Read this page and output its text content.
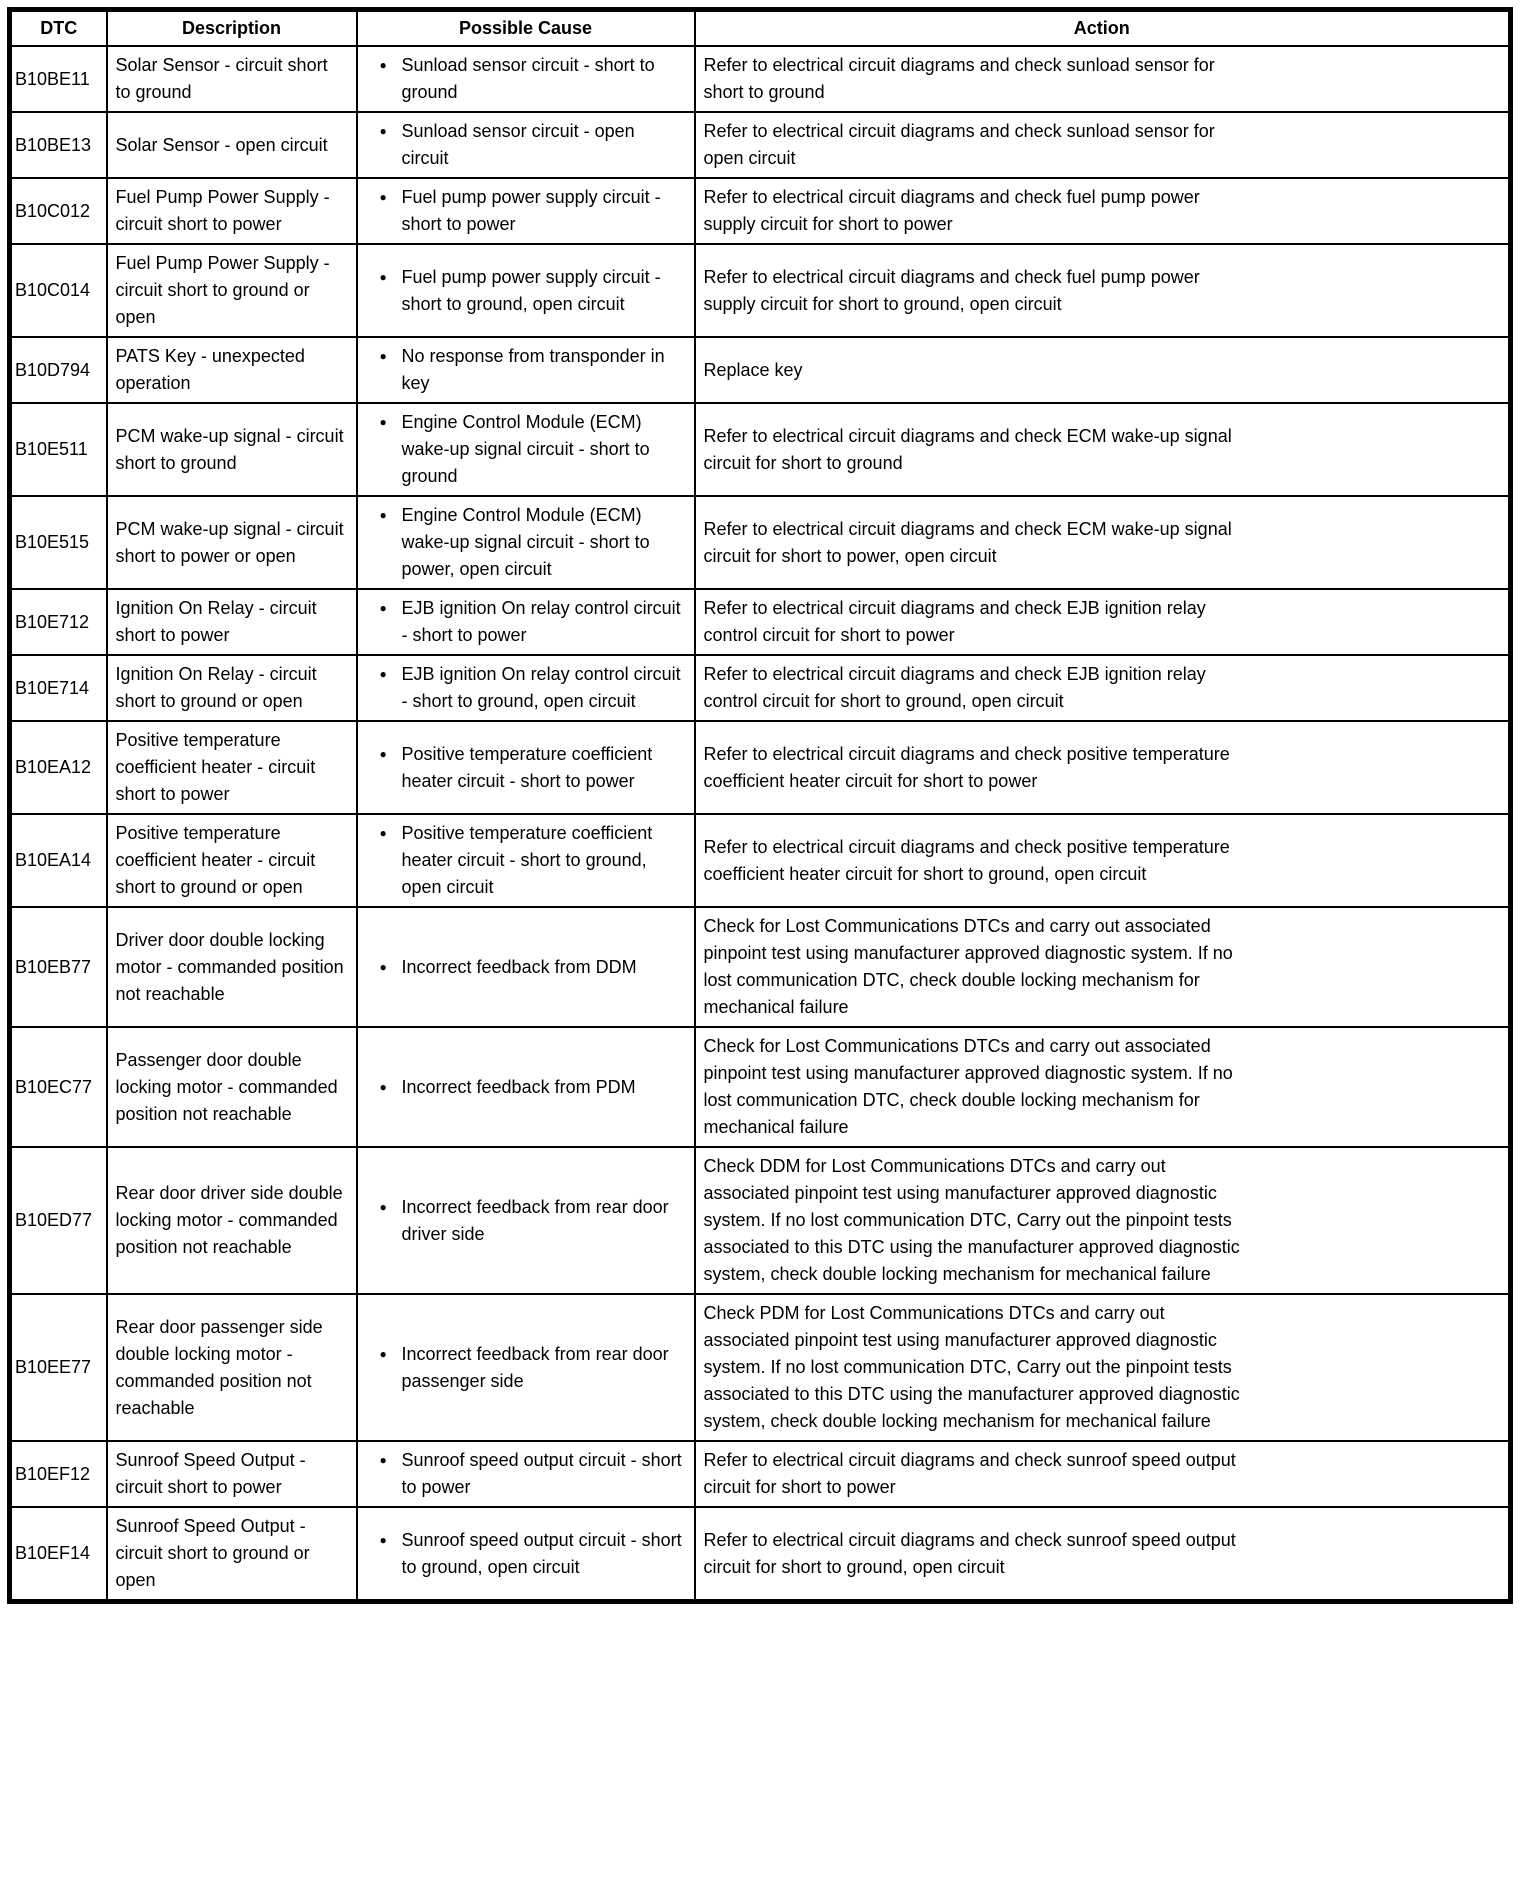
DTC	Description	Possible Cause	Action
B10BE11	Solar Sensor - circuit short to ground	● Sunload sensor circuit - short to ground	Refer to electrical circuit diagrams and check sunload sensor for short to ground

B10BE13	Solar Sensor - open circuit	● Sunload sensor circuit - open circuit	Refer to electrical circuit diagrams and check sunload sensor for open circuit

B10C012	Fuel Pump Power Supply - circuit short to power	● Fuel pump power supply circuit - short to power	Refer to electrical circuit diagrams and check fuel pump power supply circuit for short to power

B10C014	Fuel Pump Power Supply - circuit short to ground or open	● Fuel pump power supply circuit - short to ground, open circuit	Refer to electrical circuit diagrams and check fuel pump power supply circuit for short to ground, open circuit

B10D794	PATS Key - unexpected operation	● No response from transponder in key	Replace key

B10E511	PCM wake-up signal - circuit short to ground	● Engine Control Module (ECM) wake-up signal circuit - short to ground	Refer to electrical circuit diagrams and check ECM wake-up signal circuit for short to ground

B10E515	PCM wake-up signal - circuit short to power or open	● Engine Control Module (ECM) wake-up signal circuit - short to power, open circuit	Refer to electrical circuit diagrams and check ECM wake-up signal circuit for short to power, open circuit

B10E712	Ignition On Relay - circuit short to power	● EJB ignition On relay control circuit - short to power	Refer to electrical circuit diagrams and check EJB ignition relay control circuit for short to power

B10E714	Ignition On Relay - circuit short to ground or open	● EJB ignition On relay control circuit - short to ground, open circuit	Refer to electrical circuit diagrams and check EJB ignition relay control circuit for short to ground, open circuit

B10EA12	Positive temperature coefficient heater - circuit short to power	● Positive temperature coefficient heater circuit - short to power	Refer to electrical circuit diagrams and check positive temperature coefficient heater circuit for short to power

B10EA14	Positive temperature coefficient heater - circuit short to ground or open	● Positive temperature coefficient heater circuit - short to ground, open circuit	Refer to electrical circuit diagrams and check positive temperature coefficient heater circuit for short to ground, open circuit

B10EB77	Driver door double locking motor - commanded position not reachable	● Incorrect feedback from DDM	Check for Lost Communications DTCs and carry out associated pinpoint test using manufacturer approved diagnostic system. If no lost communication DTC, check double locking mechanism for mechanical failure

B10EC77	Passenger door double locking motor - commanded position not reachable	● Incorrect feedback from PDM	Check for Lost Communications DTCs and carry out associated pinpoint test using manufacturer approved diagnostic system. If no lost communication DTC, check double locking mechanism for mechanical failure

B10ED77	Rear door driver side double locking motor - commanded position not reachable	● Incorrect feedback from rear door driver side	Check DDM for Lost Communications DTCs and carry out associated pinpoint test using manufacturer approved diagnostic system. If no lost communication DTC, Carry out the pinpoint tests associated to this DTC using the manufacturer approved diagnostic system, check double locking mechanism for mechanical failure

B10EE77	Rear door passenger side double locking motor - commanded position not reachable	● Incorrect feedback from rear door passenger side	Check PDM for Lost Communications DTCs and carry out associated pinpoint test using manufacturer approved diagnostic system. If no lost communication DTC, Carry out the pinpoint tests associated to this DTC using the manufacturer approved diagnostic system, check double locking mechanism for mechanical failure

B10EF12	Sunroof Speed Output - circuit short to power	● Sunroof speed output circuit - short to power	Refer to electrical circuit diagrams and check sunroof speed output circuit for short to power

B10EF14	Sunroof Speed Output - circuit short to ground or open	● Sunroof speed output circuit - short to ground, open circuit	Refer to electrical circuit diagrams and check sunroof speed output circuit for short to ground, open circuit
